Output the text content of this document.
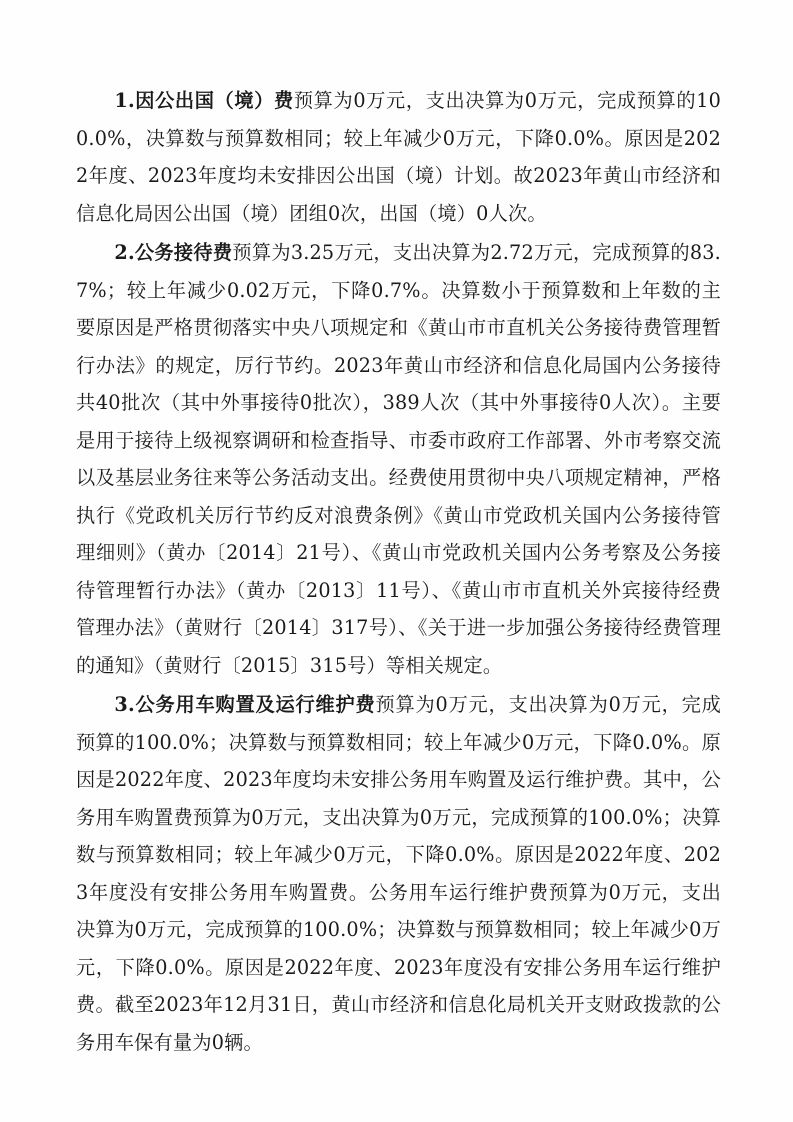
1.因公出国（境）费预算为0万元，支出决算为0万元，完成预算的100.0%，决算数与预算数相同；较上年减少0万元，下降0.0%。原因是2022年度、2023年度均未安排因公出国（境）计划。故2023年黄山市经济和信息化局因公出国（境）团组0次，出国（境）0人次。

2.公务接待费预算为3.25万元，支出决算为2.72万元，完成预算的83.7%；较上年减少0.02万元，下降0.7%。决算数小于预算数和上年数的主要原因是严格贯彻落实中央八项规定和《黄山市市直机关公务接待费管理暂行办法》的规定，厉行节约。2023年黄山市经济和信息化局国内公务接待共40批次（其中外事接待0批次），389人次（其中外事接待0人次）。主要是用于接待上级视察调研和检查指导、市委市政府工作部署、外市考察交流以及基层业务往来等公务活动支出。经费使用贯彻中央八项规定精神，严格执行《党政机关厉行节约反对浪费条例》《黄山市党政机关国内公务接待管理细则》（黄办〔2014〕21号）、《黄山市党政机关国内公务考察及公务接待管理暂行办法》（黄办〔2013〕11号）、《黄山市市直机关外宾接待经费管理办法》（黄财行〔2014〕317号）、《关于进一步加强公务接待经费管理的通知》（黄财行〔2015〕315号）等相关规定。

3.公务用车购置及运行维护费预算为0万元，支出决算为0万元，完成预算的100.0%；决算数与预算数相同；较上年减少0万元，下降0.0%。原因是2022年度、2023年度均未安排公务用车购置及运行维护费。其中，公务用车购置费预算为0万元，支出决算为0万元，完成预算的100.0%；决算数与预算数相同；较上年减少0万元，下降0.0%。原因是2022年度、2023年度没有安排公务用车购置费。公务用车运行维护费预算为0万元，支出决算为0万元，完成预算的100.0%；决算数与预算数相同；较上年减少0万元，下降0.0%。原因是2022年度、2023年度没有安排公务用车运行维护费。截至2023年12月31日，黄山市经济和信息化局机关开支财政拨款的公务用车保有量为0辆。
